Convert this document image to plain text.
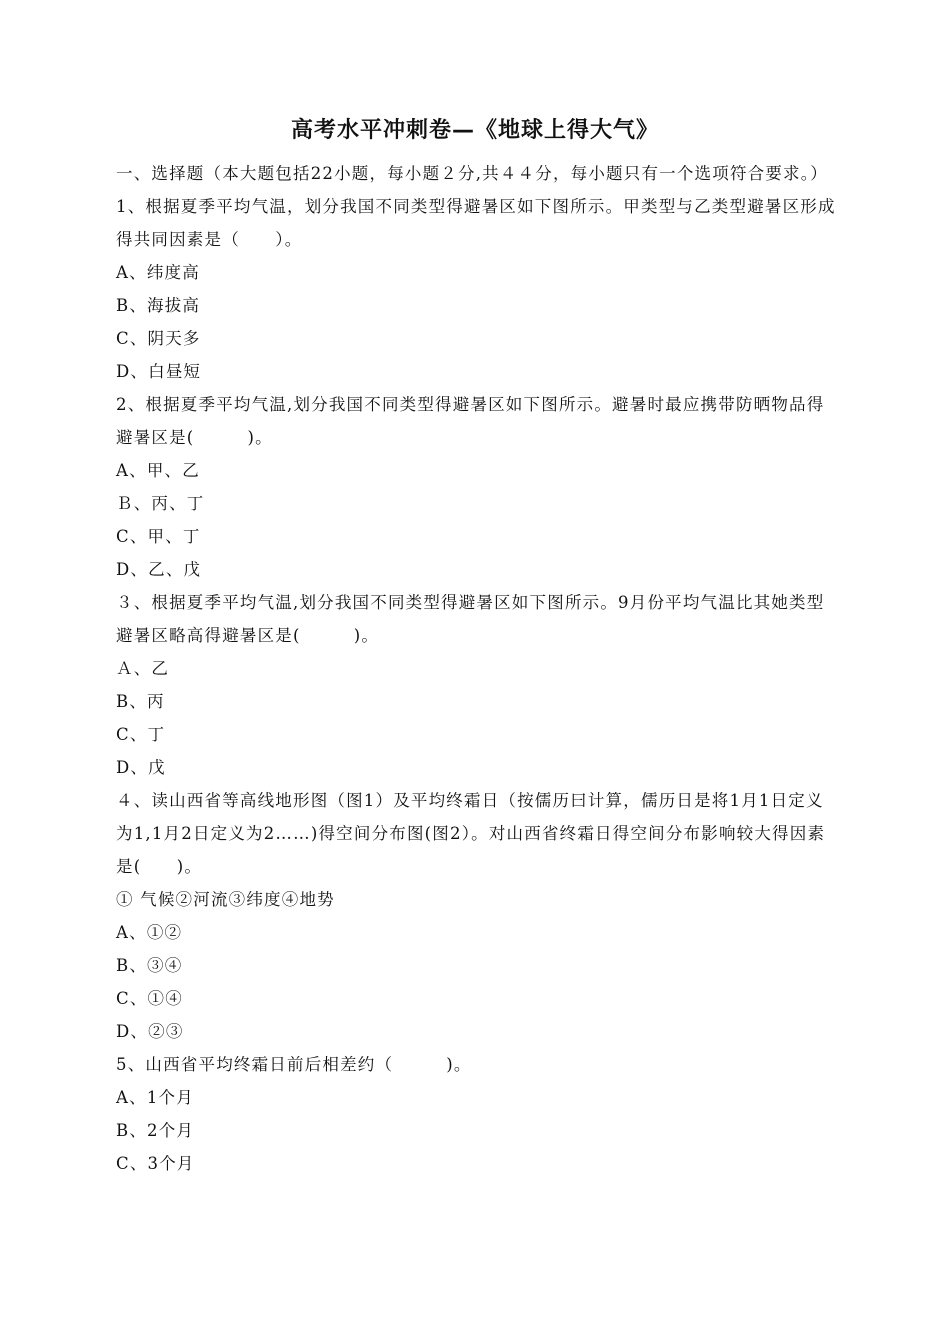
高考水平冲刺卷—《地球上得大气》

一、选择题（本大题包括22小题，每小题２分,共４４分，每小题只有一个选项符合要求。）

1、根据夏季平均气温，划分我国不同类型得避暑区如下图所示。甲类型与乙类型避暑区形成得共同因素是（　　）。

A、纬度高

B、海拔高

C、阴天多

D、白昼短

2、根据夏季平均气温,划分我国不同类型得避暑区如下图所示。避暑时最应携带防晒物品得避暑区是(　　　)。

A、甲、乙

Ｂ、丙、丁

C、甲、丁

D、乙、戊

３、根据夏季平均气温,划分我国不同类型得避暑区如下图所示。9月份平均气温比其她类型避暑区略高得避暑区是(　　　)。

Ａ、乙

B、丙

C、丁

D、戊

４、读山西省等高线地形图（图1）及平均终霜日（按儒历曰计算，儒历日是将1月1日定义为1,1月2日定义为2……)得空间分布图(图2）。对山西省终霜日得空间分布影响较大得因素是(　　)。

① 气候②河流③纬度④地势

A、①②

B、③④

C、①④

D、②③

5、山西省平均终霜日前后相差约（　　　)。

A、1个月

B、2个月

C、3个月
